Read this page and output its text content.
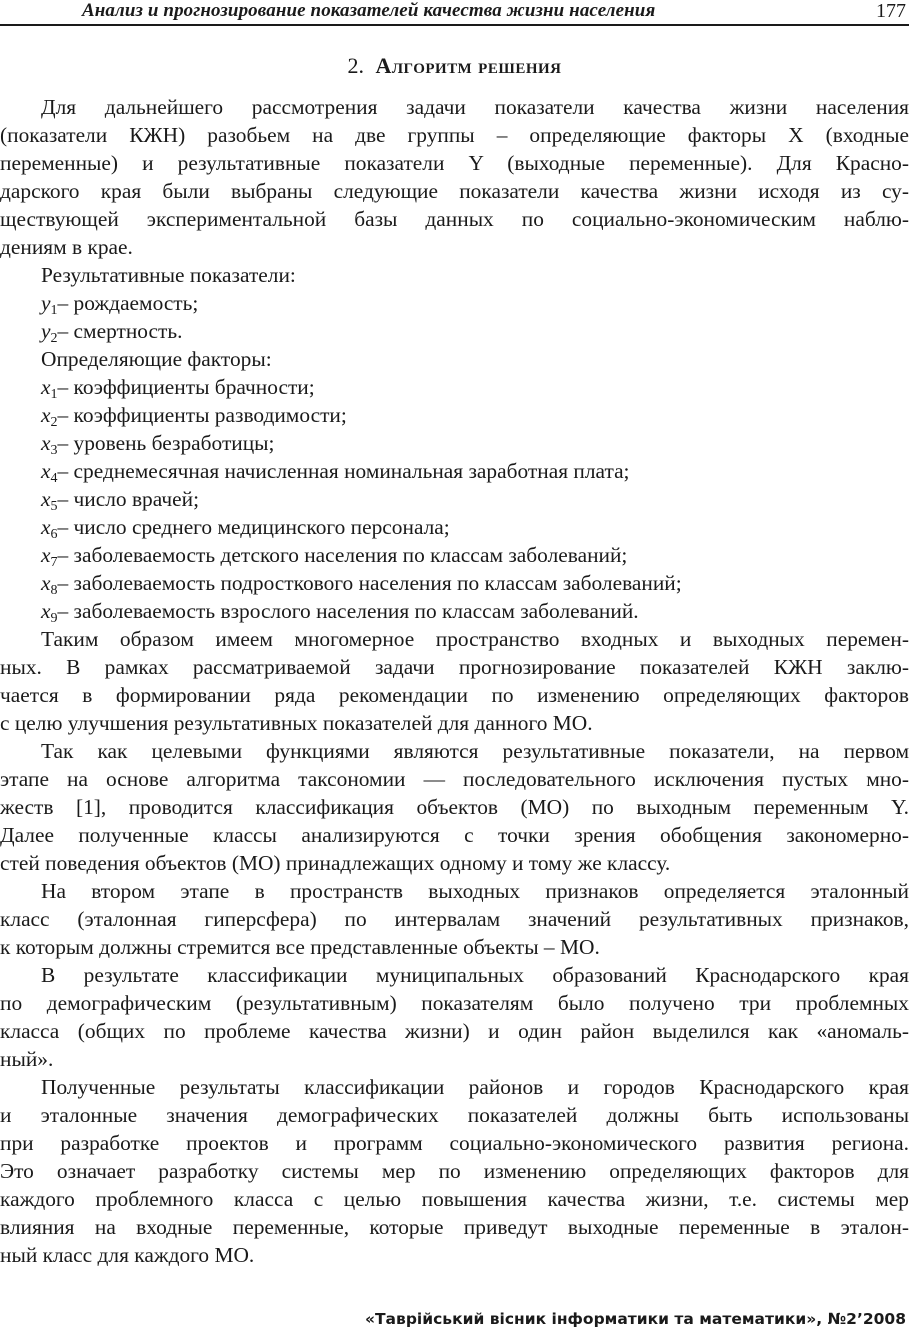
Анализ и прогнозирование показателей качества жизни населения	177
2. Алгоритм решения
Для дальнейшего рассмотрения задачи показатели качества жизни населения
(показатели КЖН) разобьем на две группы – определяющие факторы X (входные
переменные) и результативные показатели Y (выходные переменные). Для Красно-
дарского края были выбраны следующие показатели качества жизни исходя из су-
ществующей экспериментальной базы данных по социально-экономическим наблю-
дениям в крае.
Результативные показатели:
$y_1-$ рождаемость;
$y_2-$ смертность.
Определяющие факторы:
$x_1-$ коэффициенты брачности;
$x_2-$ коэффициенты разводимости;
$x_3-$ уровень безработицы;
$x_4-$ среднемесячная начисленная номинальная заработная плата;
$x_5-$ число врачей;
$x_6-$ число среднего медицинского персонала;
$x_7-$ заболеваемость детского населения по классам заболеваний;
$x_8-$ заболеваемость подросткового населения по классам заболеваний;
$x_9-$ заболеваемость взрослого населения по классам заболеваний.
Таким образом имеем многомерное пространство входных и выходных перемен-
ных. В рамках рассматриваемой задачи прогнозирование показателей КЖН заклю-
чается в формировании ряда рекомендации по изменению определяющих факторов
с целю улучшения результативных показателей для данного МО.
Так как целевыми функциями являются результативные показатели, на первом
этапе на основе алгоритма таксономии — последовательного исключения пустых мно-
жеств [1], проводится классификация объектов (МО) по выходным переменным Y.
Далее полученные классы анализируются с точки зрения обобщения закономерно-
стей поведения объектов (МО) принадлежащих одному и тому же классу.
На втором этапе в пространств выходных признаков определяется эталонный
класс (эталонная гиперсфера) по интервалам значений результативных признаков,
к которым должны стремится все представленные объекты – МО.
В результате классификации муниципальных образований Краснодарского края
по демографическим (результативным) показателям было получено три проблемных
класса (общих по проблеме качества жизни) и один район выделился как «аномаль-
ный».
Полученные результаты классификации районов и городов Краснодарского края
и эталонные значения демографических показателей должны быть использованы
при разработке проектов и программ социально-экономического развития региона.
Это означает разработку системы мер по изменению определяющих факторов для
каждого проблемного класса с целью повышения качества жизни, т.е. системы мер
влияния на входные переменные, которые приведут выходные переменные в эталон-
ный класс для каждого МО.
«Таврійський вісник інформатики та математики», №2’2008
